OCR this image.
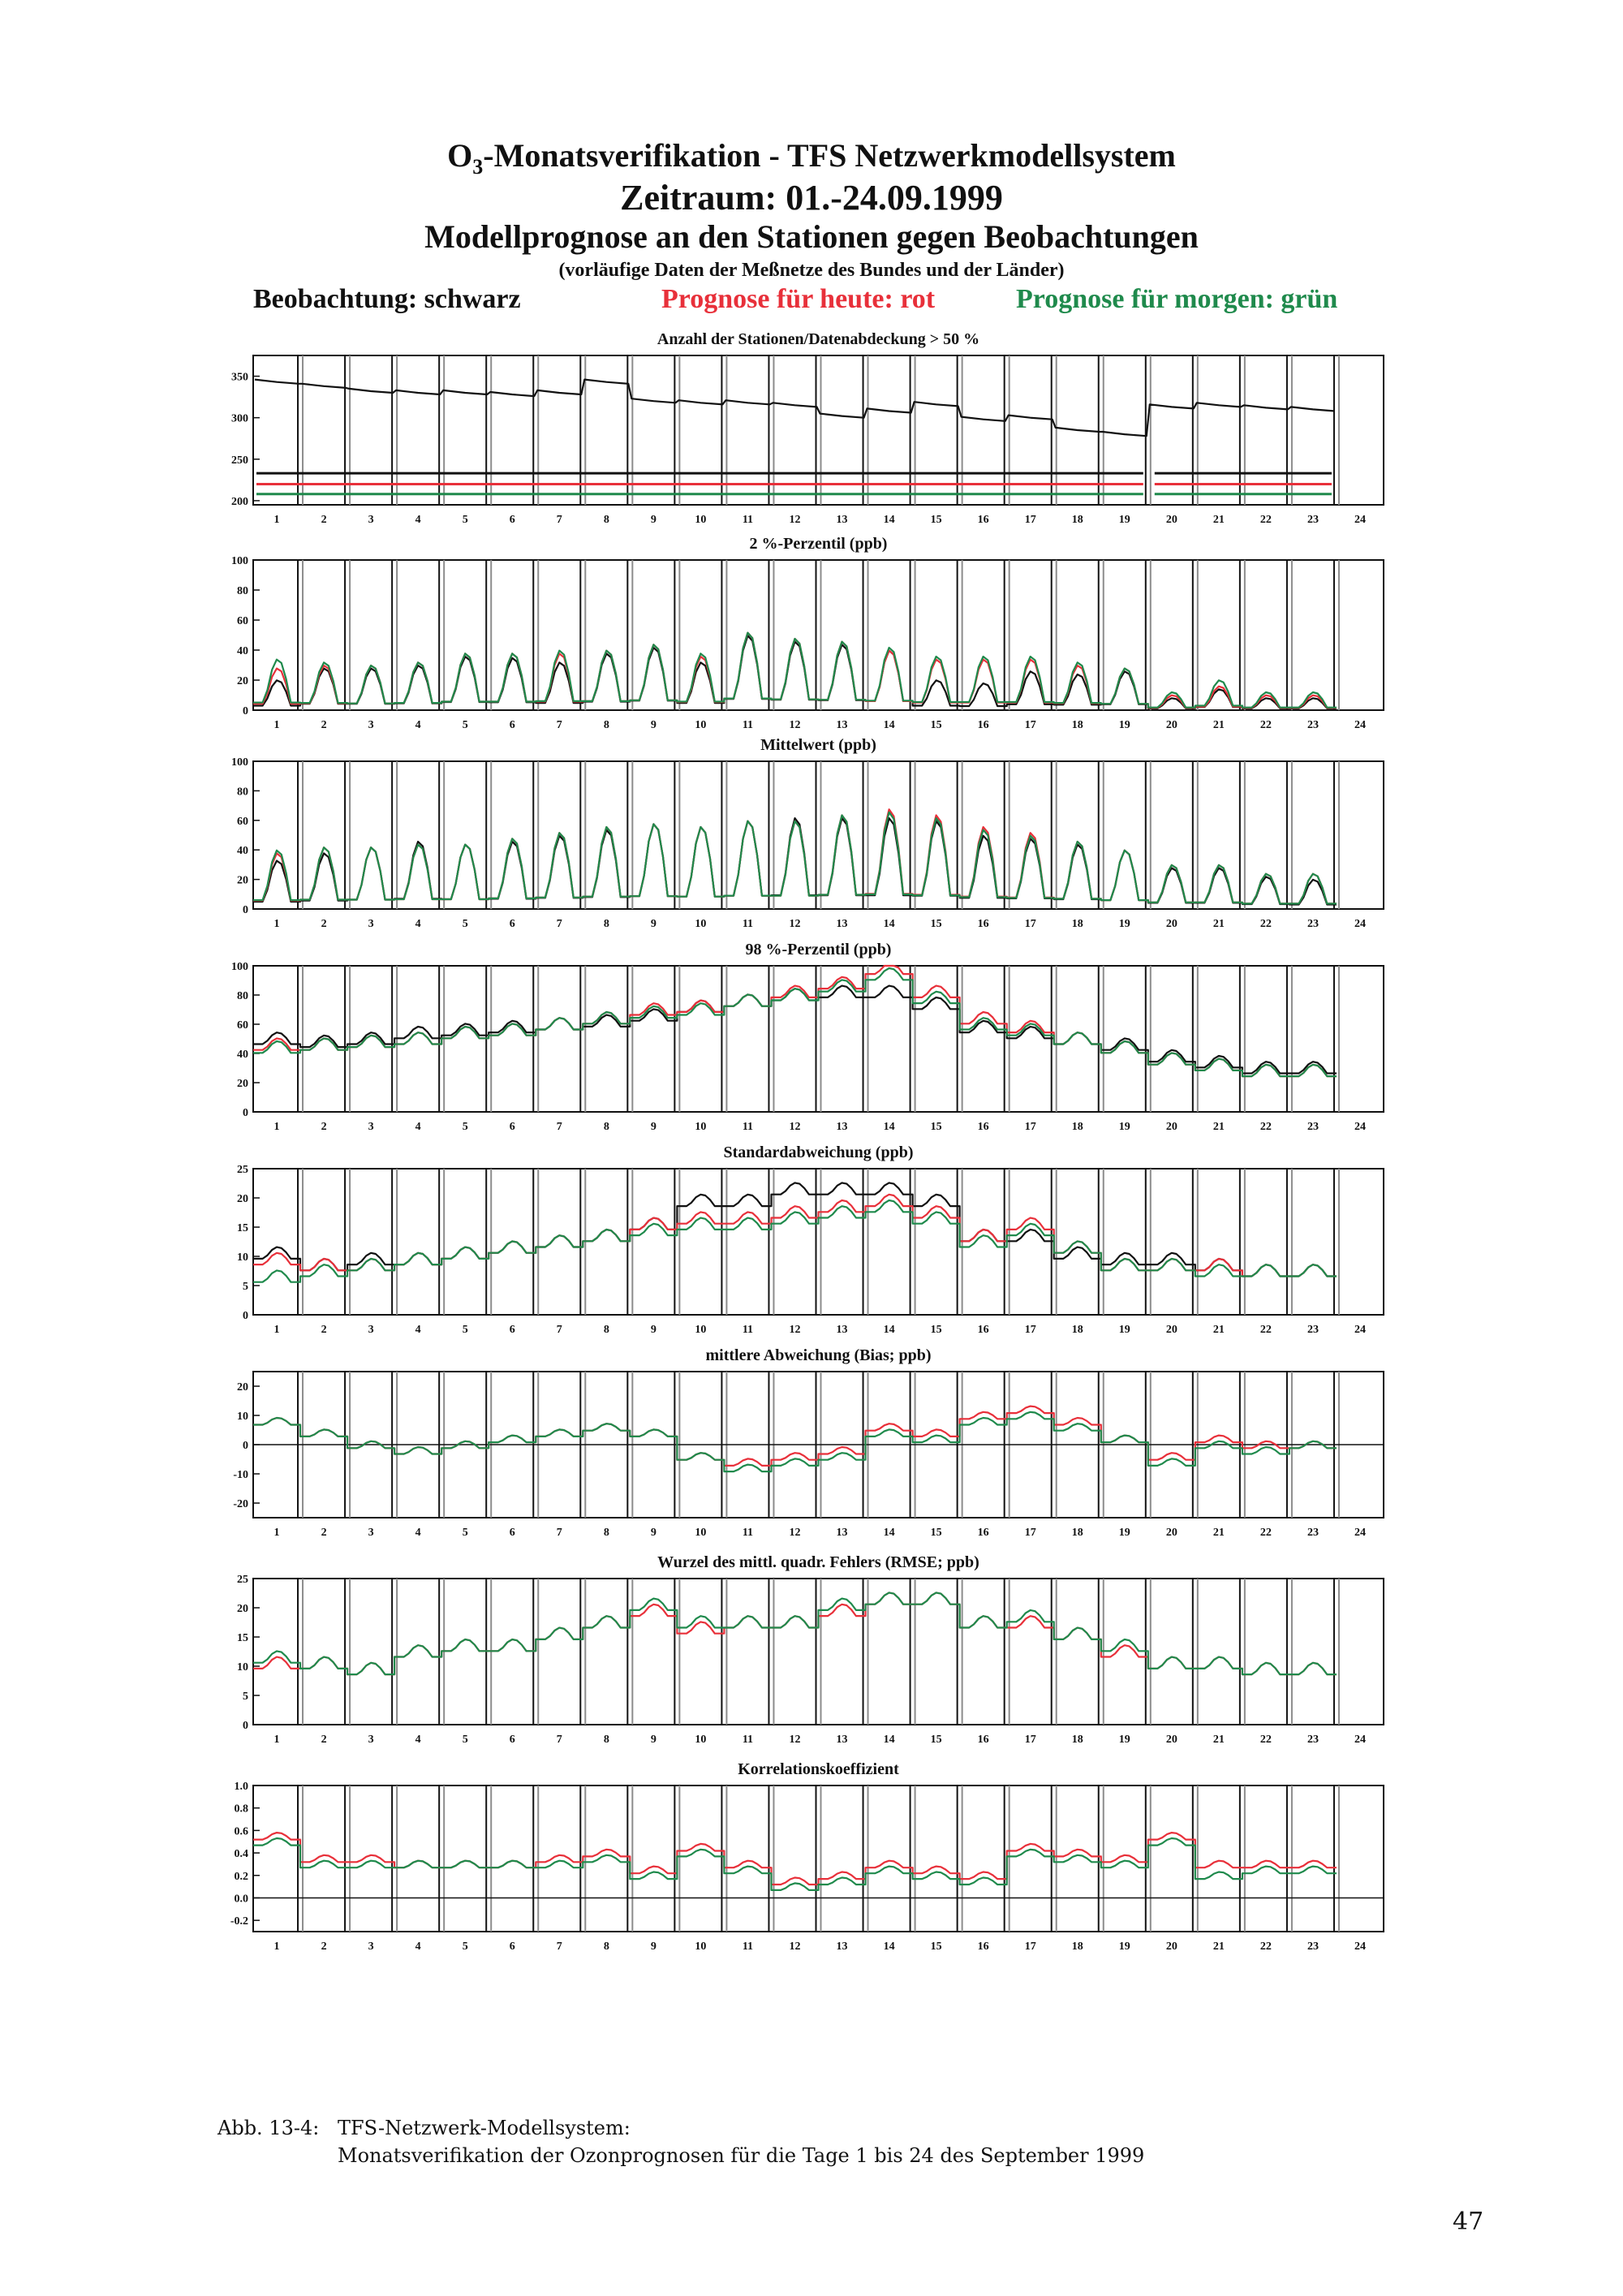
$O_3$-Monatsverifikation - TFS Netzwerkmodellsystem
Zeitraum: 01.-24.09.1999
Modellprognose an den Stationen gegen Beobachtungen
(vorläufige Daten der Meßnetze des Bundes und der Länder)
Beobachtung: schwarz	Prognose für heute: rot	Prognose für morgen: grün
Anzahl der Stationen/Datenabdeckung > 50 %
200
250
300
350
1	2	3	4	5	6	7	8	9	10	11	12	13	14	15	16	17	18	19	20	21	22	23	24
2 %-Perzentil (ppb)
0
20
40
60
80
100
1	2	3	4	5	6	7	8	9	10	11	12	13	14	15	16	17	18	19	20	21	22	23	24
Mittelwert (ppb)
0
20
40
60
80
100
1	2	3	4	5	6	7	8	9	10	11	12	13	14	15	16	17	18	19	20	21	22	23	24
98 %-Perzentil (ppb)
0
20
40
60
80
100
1	2	3	4	5	6	7	8	9	10	11	12	13	14	15	16	17	18	19	20	21	22	23	24
Standardabweichung (ppb)
0
5
10
15
20
25
1	2	3	4	5	6	7	8	9	10	11	12	13	14	15	16	17	18	19	20	21	22	23	24
mittlere Abweichung (Bias; ppb)
-20
-10
0
10
20
1	2	3	4	5	6	7	8	9	10	11	12	13	14	15	16	17	18	19	20	21	22	23	24
Wurzel des mittl. quadr. Fehlers (RMSE; ppb)
0
5
10
15
20
25
1	2	3	4	5	6	7	8	9	10	11	12	13	14	15	16	17	18	19	20	21	22	23	24
Korrelationskoeffizient
-0.2
0.0
0.2
0.4
0.6
0.8
1.0
1	2	3	4	5	6	7	8	9	10	11	12	13	14	15	16	17	18	19	20	21	22	23	24
Abb. 13-4: TFS-Netzwerk-Modellsystem:
Monatsverifikation der Ozonprognosen für die Tage 1 bis 24 des September 1999
47
